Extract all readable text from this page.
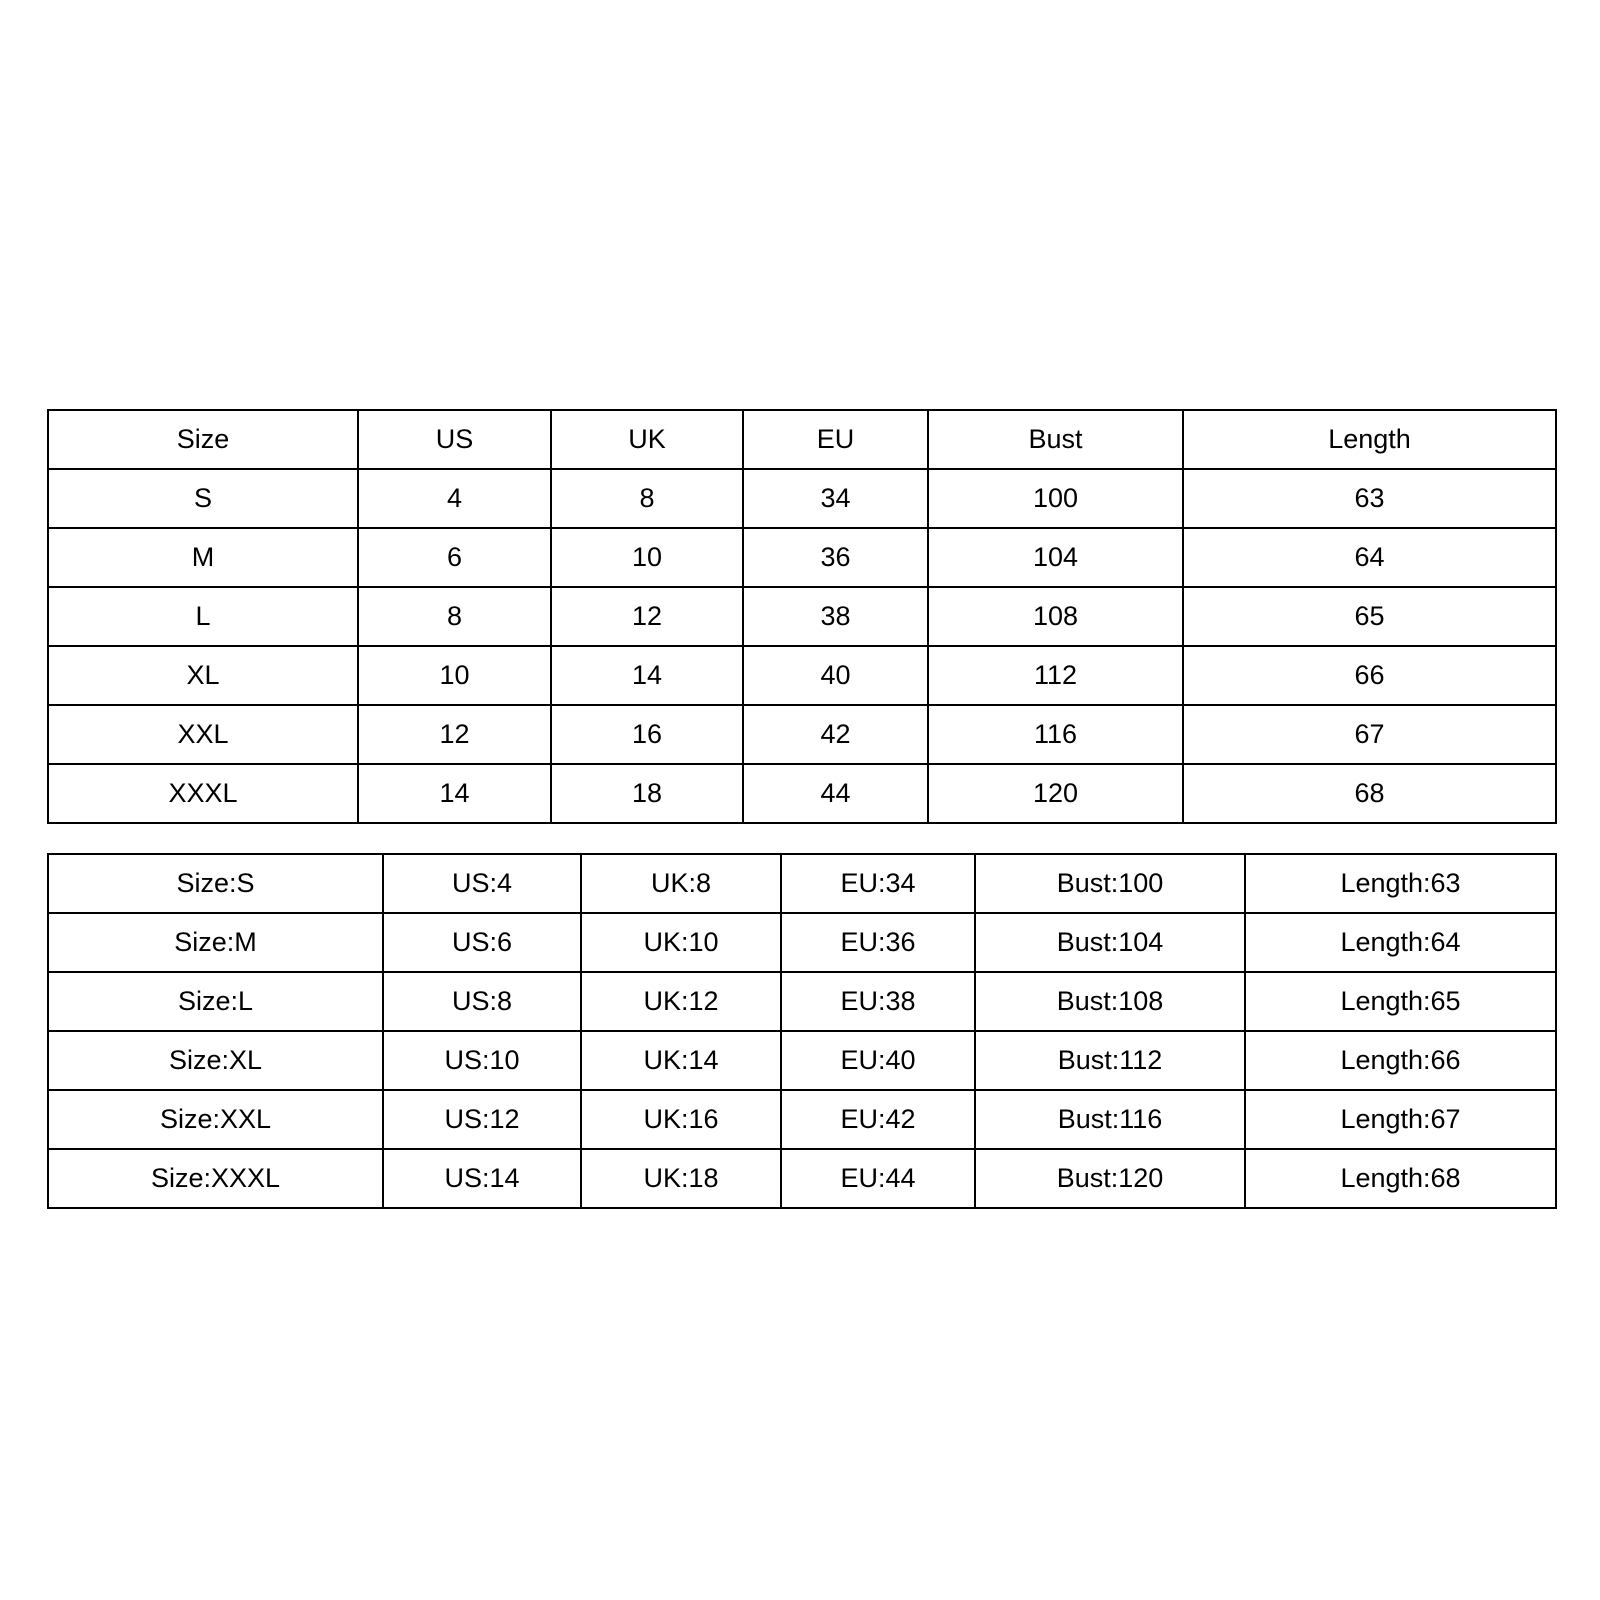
Size	US	UK	EU	Bust	Length
S	4	8	34	100	63
M	6	10	36	104	64
L	8	12	38	108	65
XL	10	14	40	112	66
XXL	12	16	42	116	67
XXXL	14	18	44	120	68
Size:S	US:4	UK:8	EU:34	Bust:100	Length:63
Size:M	US:6	UK:10	EU:36	Bust:104	Length:64
Size:L	US:8	UK:12	EU:38	Bust:108	Length:65
Size:XL	US:10	UK:14	EU:40	Bust:112	Length:66
Size:XXL	US:12	UK:16	EU:42	Bust:116	Length:67
Size:XXXL	US:14	UK:18	EU:44	Bust:120	Length:68
